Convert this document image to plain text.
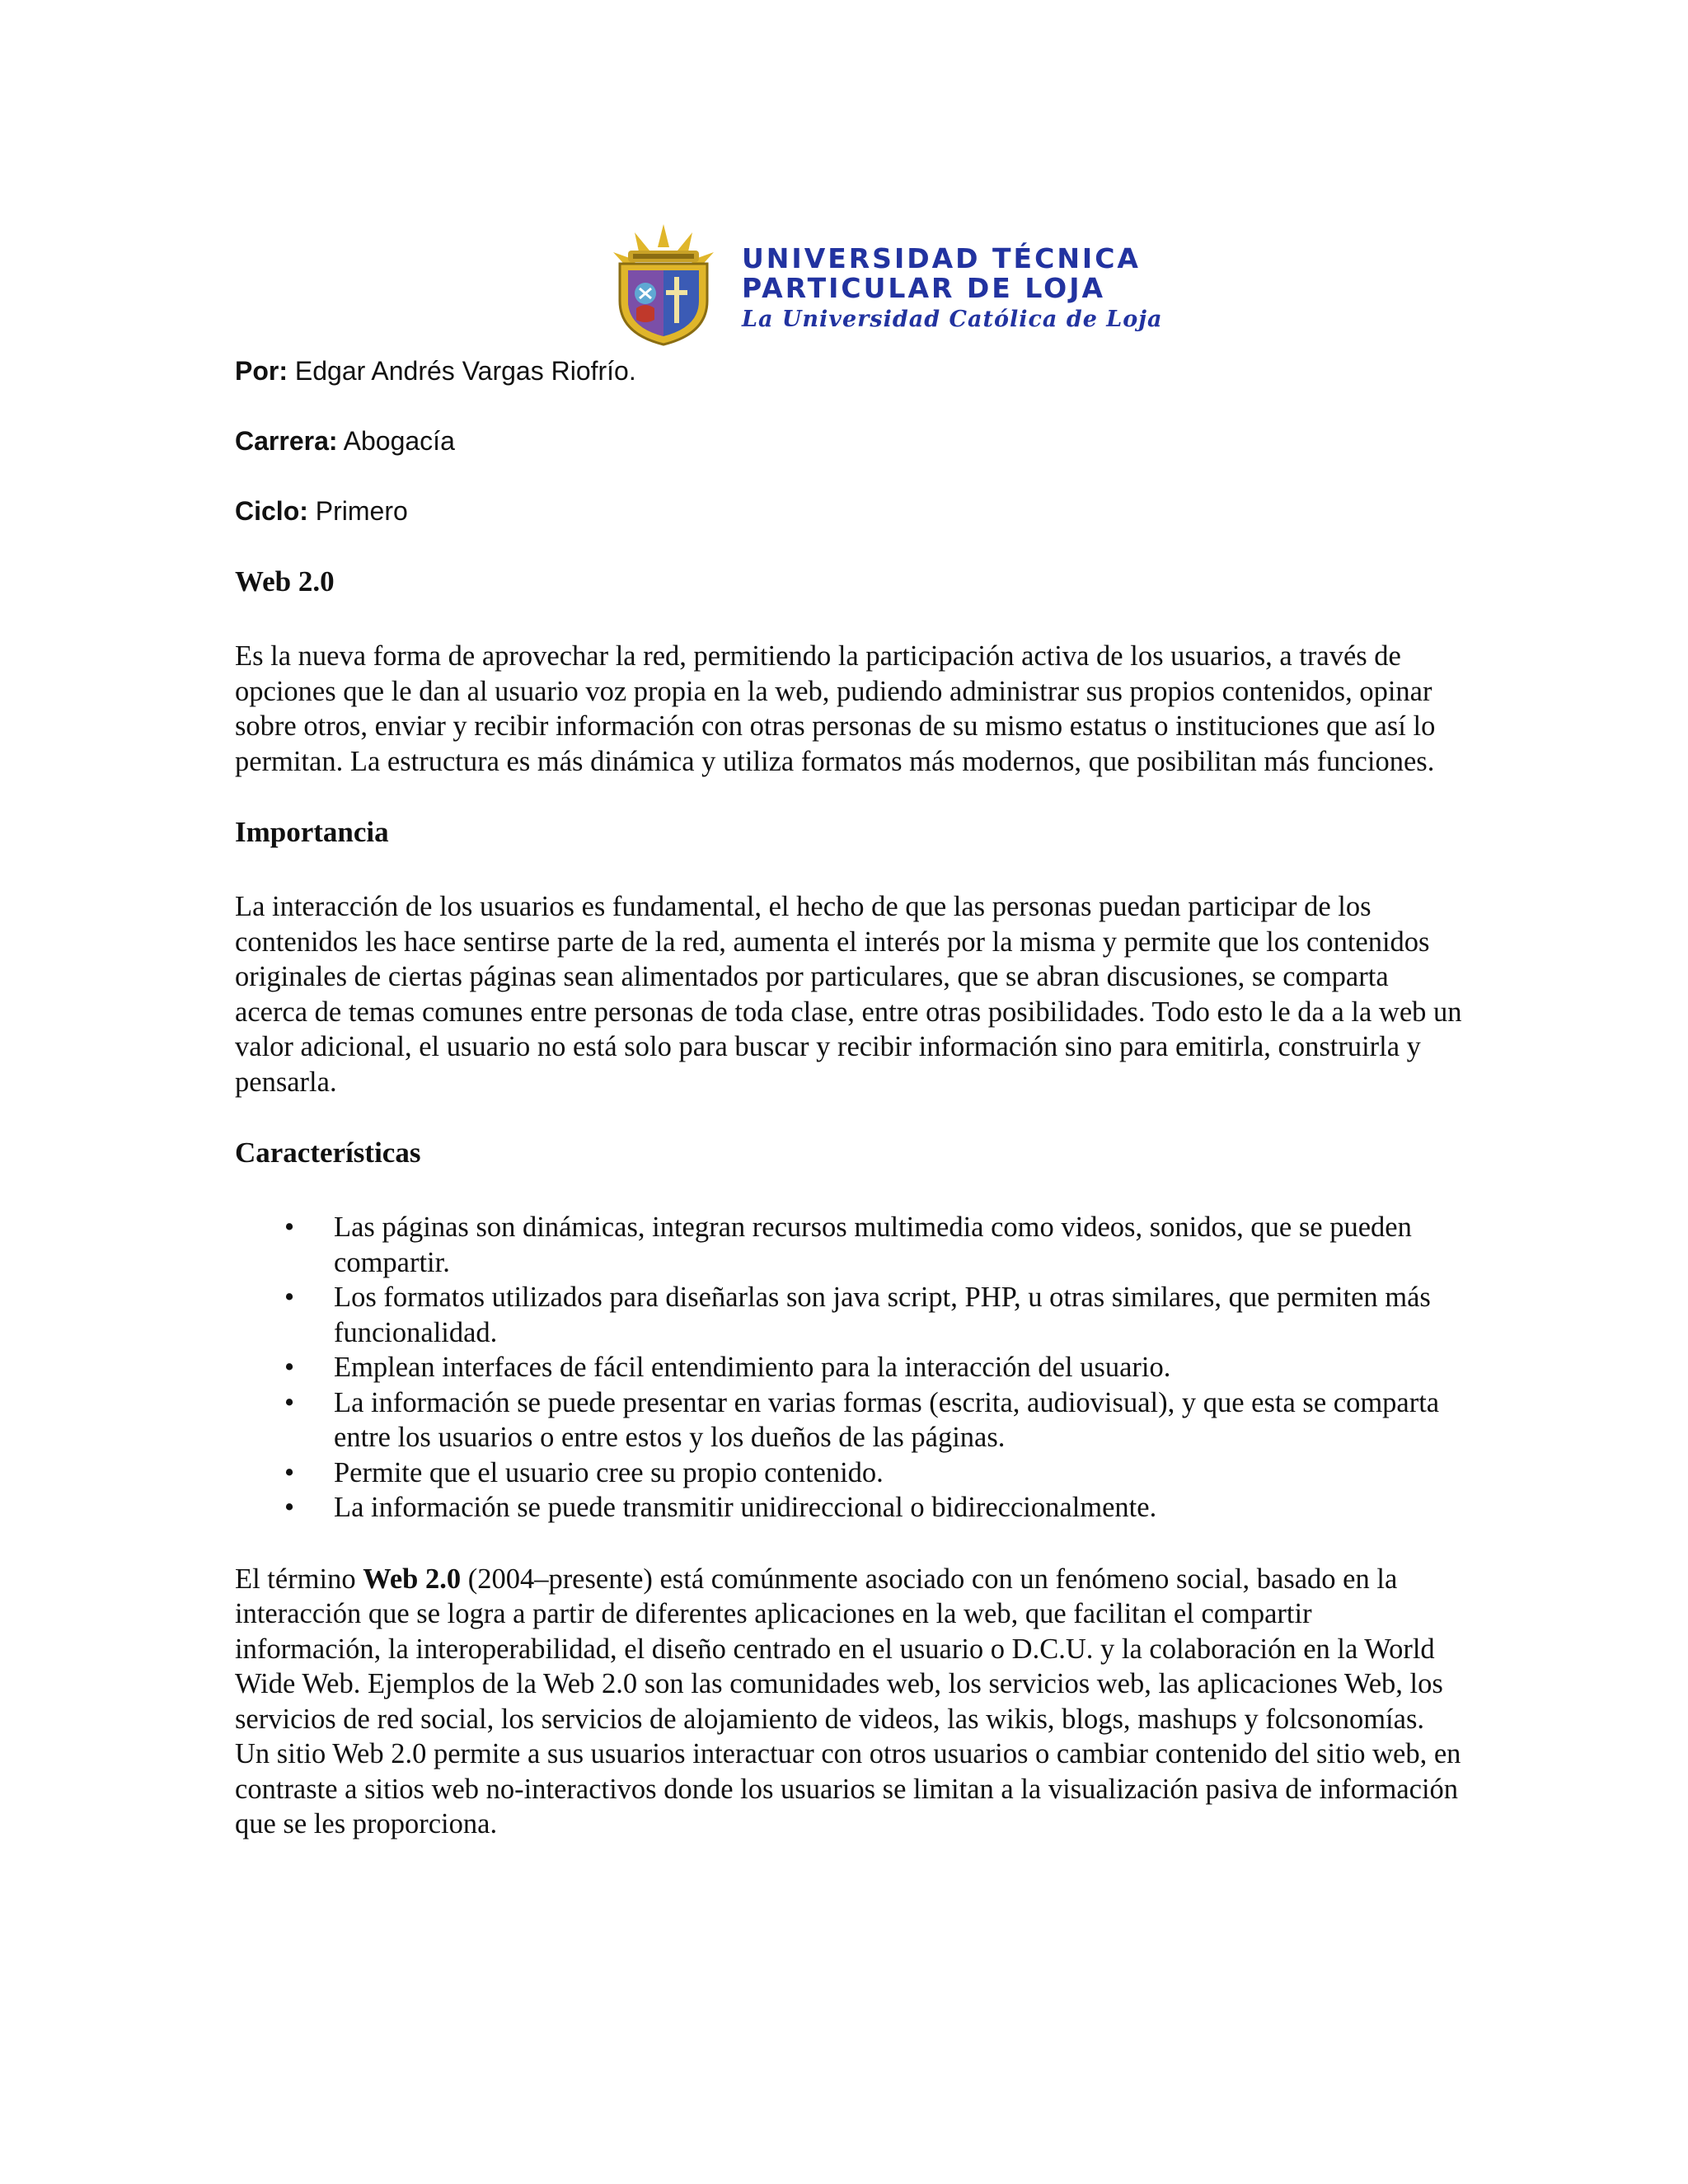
UNIVERSIDAD TÉCNICA
PARTICULAR DE LOJA
La Universidad Católica de Loja
Por: Edgar Andrés Vargas Riofrío.
Carrera: Abogacía
Ciclo: Primero
Web 2.0
Es la nueva forma de aprovechar la red, permitiendo la participación activa de los usuarios, a través de opciones que le dan al usuario voz propia en la web, pudiendo administrar sus propios contenidos, opinar sobre otros, enviar y recibir información con otras personas de su mismo estatus o instituciones que así lo permitan. La estructura es más dinámica y utiliza formatos más modernos, que posibilitan más funciones.
Importancia
La interacción de los usuarios es fundamental, el hecho de que las personas puedan participar de los contenidos les hace sentirse parte de la red, aumenta el interés por la misma y permite que los contenidos originales de ciertas páginas sean alimentados por particulares, que se abran discusiones, se comparta acerca de temas comunes entre personas de toda clase, entre otras posibilidades. Todo esto le da a la web un valor adicional, el usuario no está solo para buscar y recibir información sino para emitirla, construirla y pensarla.
Características
• Las páginas son dinámicas, integran recursos multimedia como videos, sonidos, que se pueden compartir.
• Los formatos utilizados para diseñarlas son java script, PHP, u otras similares, que permiten más funcionalidad.
• Emplean interfaces de fácil entendimiento para la interacción del usuario.
• La información se puede presentar en varias formas (escrita, audiovisual), y que esta se comparta entre los usuarios o entre estos y los dueños de las páginas.
• Permite que el usuario cree su propio contenido.
• La información se puede transmitir unidireccional o bidireccionalmente.
El término Web 2.0 (2004–presente) está comúnmente asociado con un fenómeno social, basado en la interacción que se logra a partir de diferentes aplicaciones en la web, que facilitan el compartir información, la interoperabilidad, el diseño centrado en el usuario o D.C.U. y la colaboración en la World Wide Web. Ejemplos de la Web 2.0 son las comunidades web, los servicios web, las aplicaciones Web, los servicios de red social, los servicios de alojamiento de videos, las wikis, blogs, mashups y folcsonomías. Un sitio Web 2.0 permite a sus usuarios interactuar con otros usuarios o cambiar contenido del sitio web, en contraste a sitios web no-interactivos donde los usuarios se limitan a la visualización pasiva de información que se les proporciona.
